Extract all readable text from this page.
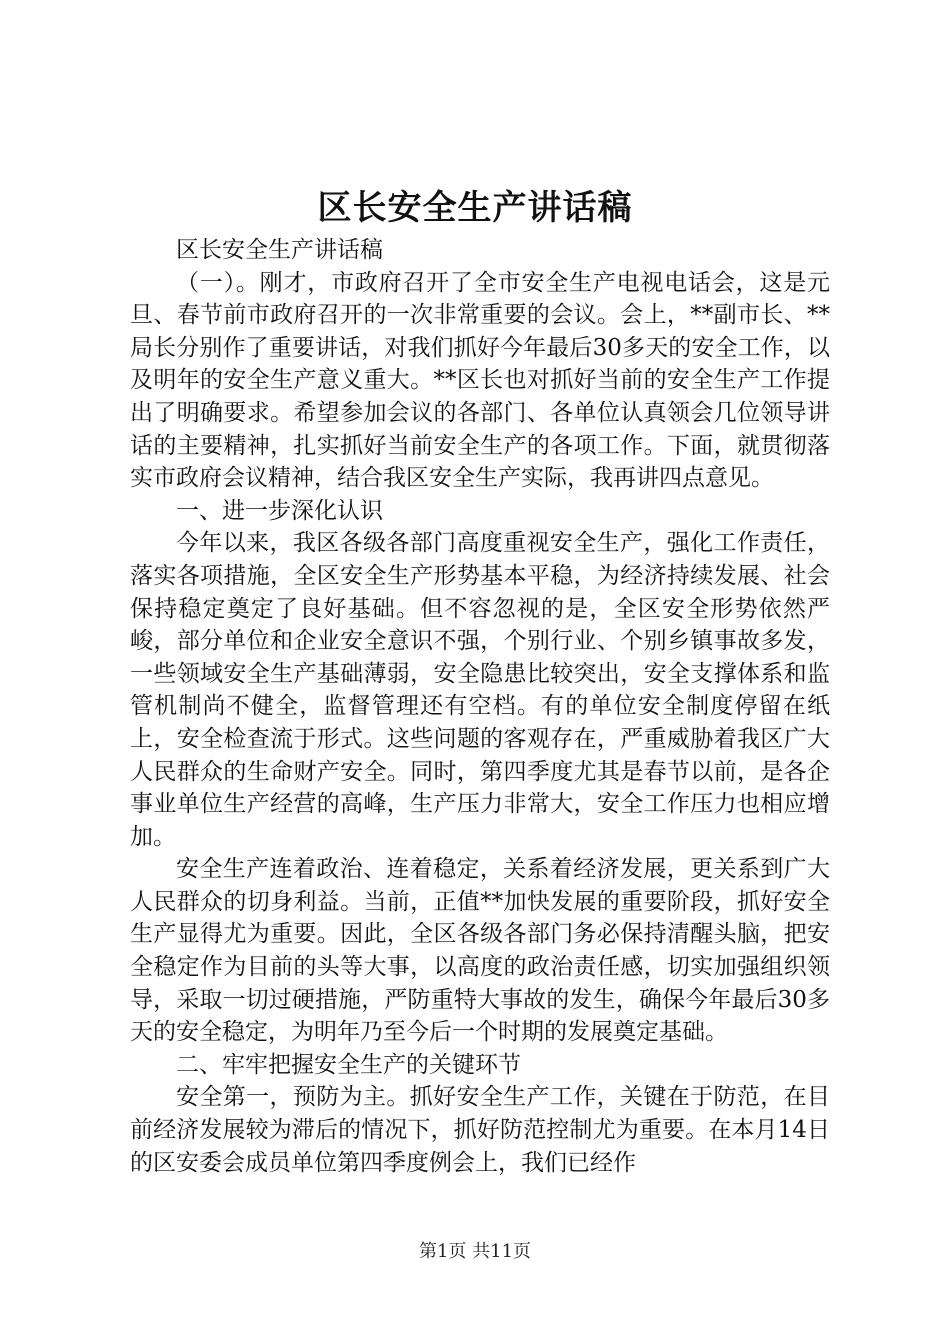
区长安全生产讲话稿

区长安全生产讲话稿

（一）。刚才，市政府召开了全市安全生产电视电话会，这是元旦、春节前市政府召开的一次非常重要的会议。会上，**副市长、**局长分别作了重要讲话，对我们抓好今年最后30多天的安全工作，以及明年的安全生产意义重大。**区长也对抓好当前的安全生产工作提出了明确要求。希望参加会议的各部门、各单位认真领会几位领导讲话的主要精神，扎实抓好当前安全生产的各项工作。下面，就贯彻落实市政府会议精神，结合我区安全生产实际，我再讲四点意见。

一、进一步深化认识

今年以来，我区各级各部门高度重视安全生产，强化工作责任，落实各项措施，全区安全生产形势基本平稳，为经济持续发展、社会保持稳定奠定了良好基础。但不容忽视的是，全区安全形势依然严峻，部分单位和企业安全意识不强，个别行业、个别乡镇事故多发，一些领域安全生产基础薄弱，安全隐患比较突出，安全支撑体系和监管机制尚不健全，监督管理还有空档。有的单位安全制度停留在纸上，安全检查流于形式。这些问题的客观存在，严重威胁着我区广大人民群众的生命财产安全。同时，第四季度尤其是春节以前，是各企事业单位生产经营的高峰，生产压力非常大，安全工作压力也相应增加。

安全生产连着政治、连着稳定，关系着经济发展，更关系到广大人民群众的切身利益。当前，正值**加快发展的重要阶段，抓好安全生产显得尤为重要。因此，全区各级各部门务必保持清醒头脑，把安全稳定作为目前的头等大事，以高度的政治责任感，切实加强组织领导，采取一切过硬措施，严防重特大事故的发生，确保今年最后30多天的安全稳定，为明年乃至今后一个时期的发展奠定基础。

二、牢牢把握安全生产的关键环节

安全第一，预防为主。抓好安全生产工作，关键在于防范，在目前经济发展较为滞后的情况下，抓好防范控制尤为重要。在本月14日的区安委会成员单位第四季度例会上，我们已经作

第1页 共11页
